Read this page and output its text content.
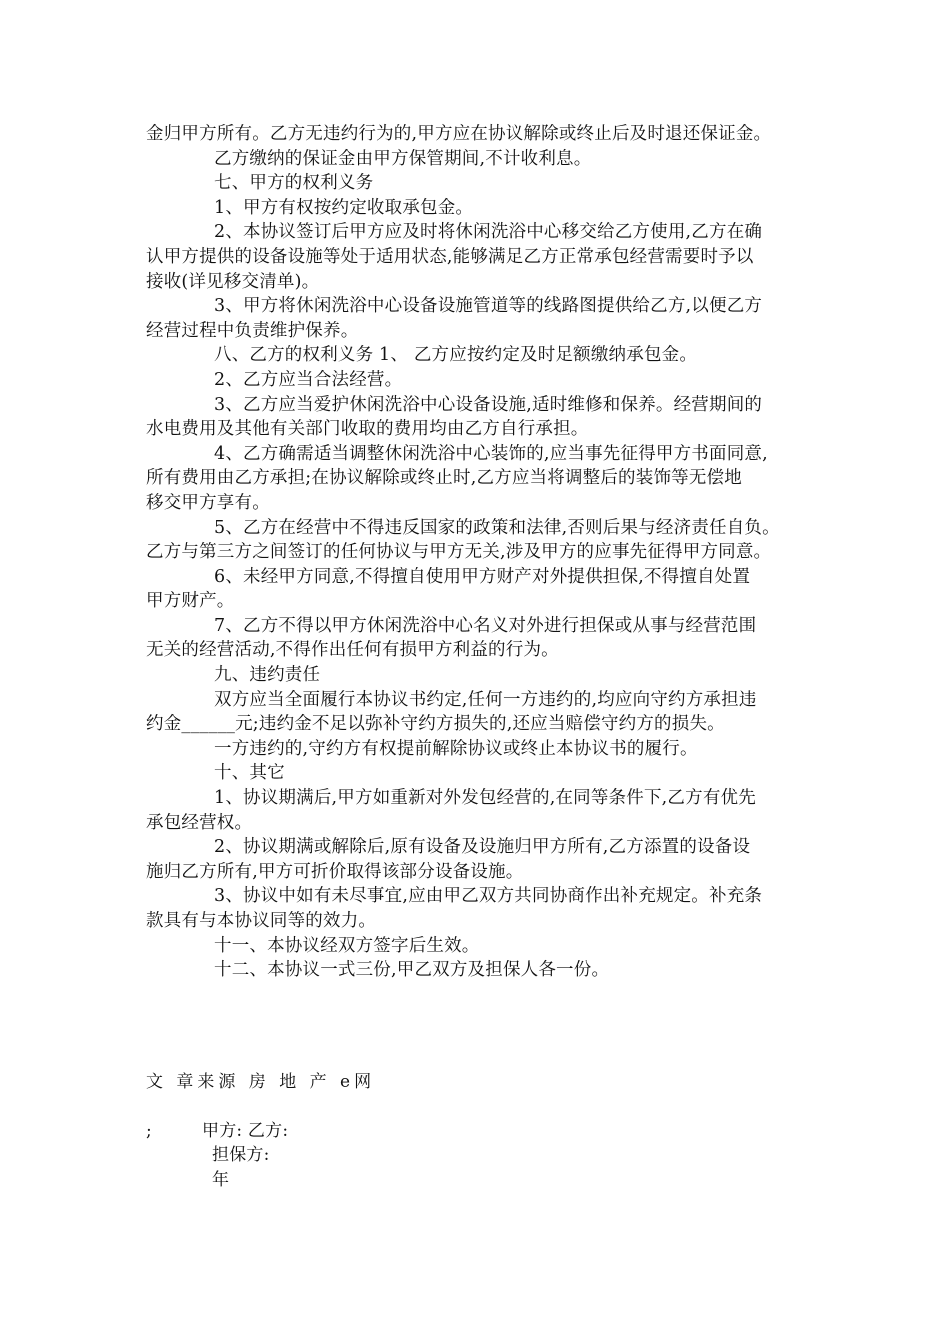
金归甲方所有。乙方无违约行为的,甲方应在协议解除或终止后及时退还保证金。
乙方缴纳的保证金由甲方保管期间,不计收利息。
七、甲方的权利义务
1、甲方有权按约定收取承包金。
2、本协议签订后甲方应及时将休闲洗浴中心移交给乙方使用,乙方在确
认甲方提供的设备设施等处于适用状态,能够满足乙方正常承包经营需要时予以
接收(详见移交清单)。
3、甲方将休闲洗浴中心设备设施管道等的线路图提供给乙方,以便乙方
经营过程中负责维护保养。
八、乙方的权利义务 1、 乙方应按约定及时足额缴纳承包金。
2、乙方应当合法经营。
3、乙方应当爱护休闲洗浴中心设备设施,适时维修和保养。经营期间的
水电费用及其他有关部门收取的费用均由乙方自行承担。
4、乙方确需适当调整休闲洗浴中心装饰的,应当事先征得甲方书面同意,
所有费用由乙方承担;在协议解除或终止时,乙方应当将调整后的装饰等无偿地
移交甲方享有。
5、乙方在经营中不得违反国家的政策和法律,否则后果与经济责任自负。
乙方与第三方之间签订的任何协议与甲方无关,涉及甲方的应事先征得甲方同意。
6、未经甲方同意,不得擅自使用甲方财产对外提供担保,不得擅自处置
甲方财产。
7、乙方不得以甲方休闲洗浴中心名义对外进行担保或从事与经营范围
无关的经营活动,不得作出任何有损甲方利益的行为。
九、违约责任
双方应当全面履行本协议书约定,任何一方违约的,均应向守约方承担违
约金______元;违约金不足以弥补守约方损失的,还应当赔偿守约方的损失。
一方违约的,守约方有权提前解除协议或终止本协议书的履行。
十、其它
1、协议期满后,甲方如重新对外发包经营的,在同等条件下,乙方有优先
承包经营权。
2、协议期满或解除后,原有设备及设施归甲方所有,乙方添置的设备设
施归乙方所有,甲方可折价取得该部分设备设施。
3、协议中如有未尽事宜,应由甲乙双方共同协商作出补充规定。补充条
款具有与本协议同等的效力。
十一、本协议经双方签字后生效。
十二、本协议一式三份,甲乙双方及担保人各一份。
文 章来源 房 地 产 e网
;	甲方: 乙方:
担保方:
年
